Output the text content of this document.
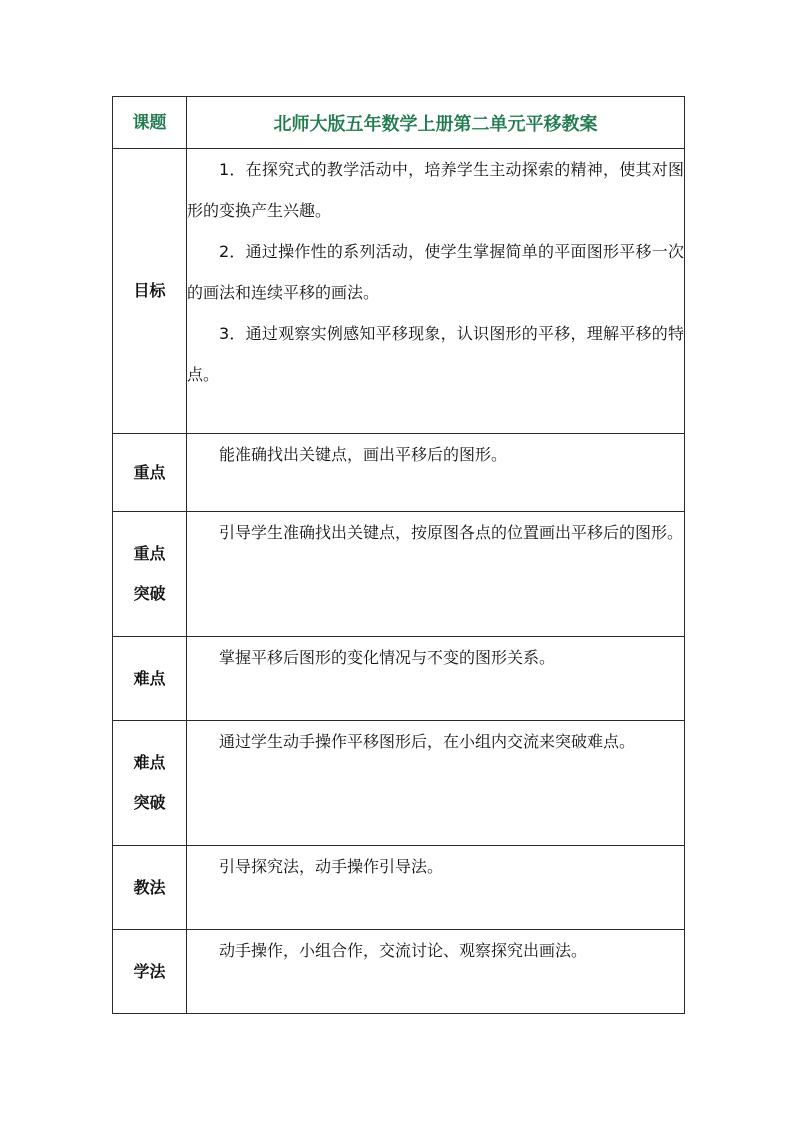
课题	北师大版五年数学上册第二单元平移教案

目标	1．在探究式的教学活动中，培养学生主动探索的精神，使其对图形的变换产生兴趣。

2．通过操作性的系列活动，使学生掌握简单的平面图形平移一次的画法和连续平移的画法。

3．通过观察实例感知平移现象，认识图形的平移，理解平移的特点。

重点	能准确找出关键点，画出平移后的图形。

重点
突破	引导学生准确找出关键点，按原图各点的位置画出平移后的图形。

难点	掌握平移后图形的变化情况与不变的图形关系。

难点
突破	通过学生动手操作平移图形后，在小组内交流来突破难点。

教法	引导探究法，动手操作引导法。

学法	动手操作，小组合作，交流讨论、观察探究出画法。
